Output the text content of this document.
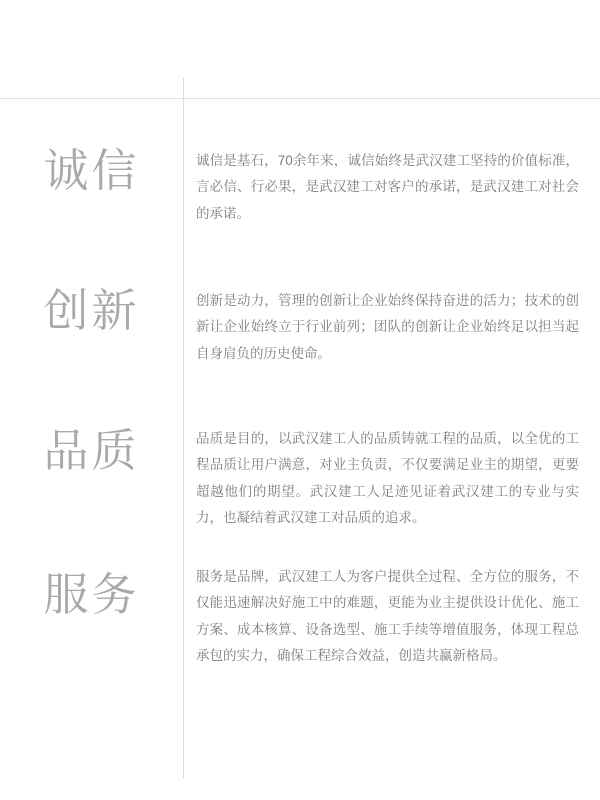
诚信	诚信是基石，70余年来，诚信始终是武汉建工坚持的价值标准，言必信、行必果，是武汉建工对客户的承诺，是武汉建工对社会的承诺。
创新	创新是动力，管理的创新让企业始终保持奋进的活力；技术的创新让企业始终立于行业前列；团队的创新让企业始终足以担当起自身肩负的历史使命。
品质	品质是目的，以武汉建工人的品质铸就工程的品质，以全优的工程品质让用户满意，对业主负责，不仅要满足业主的期望，更要超越他们的期望。武汉建工人足迹见证着武汉建工的专业与实力，也凝结着武汉建工对品质的追求。
服务	服务是品牌，武汉建工人为客户提供全过程、全方位的服务，不仅能迅速解决好施工中的难题，更能为业主提供设计优化、施工方案、成本核算、设备选型、施工手续等增值服务，体现工程总承包的实力，确保工程综合效益，创造共赢新格局。
